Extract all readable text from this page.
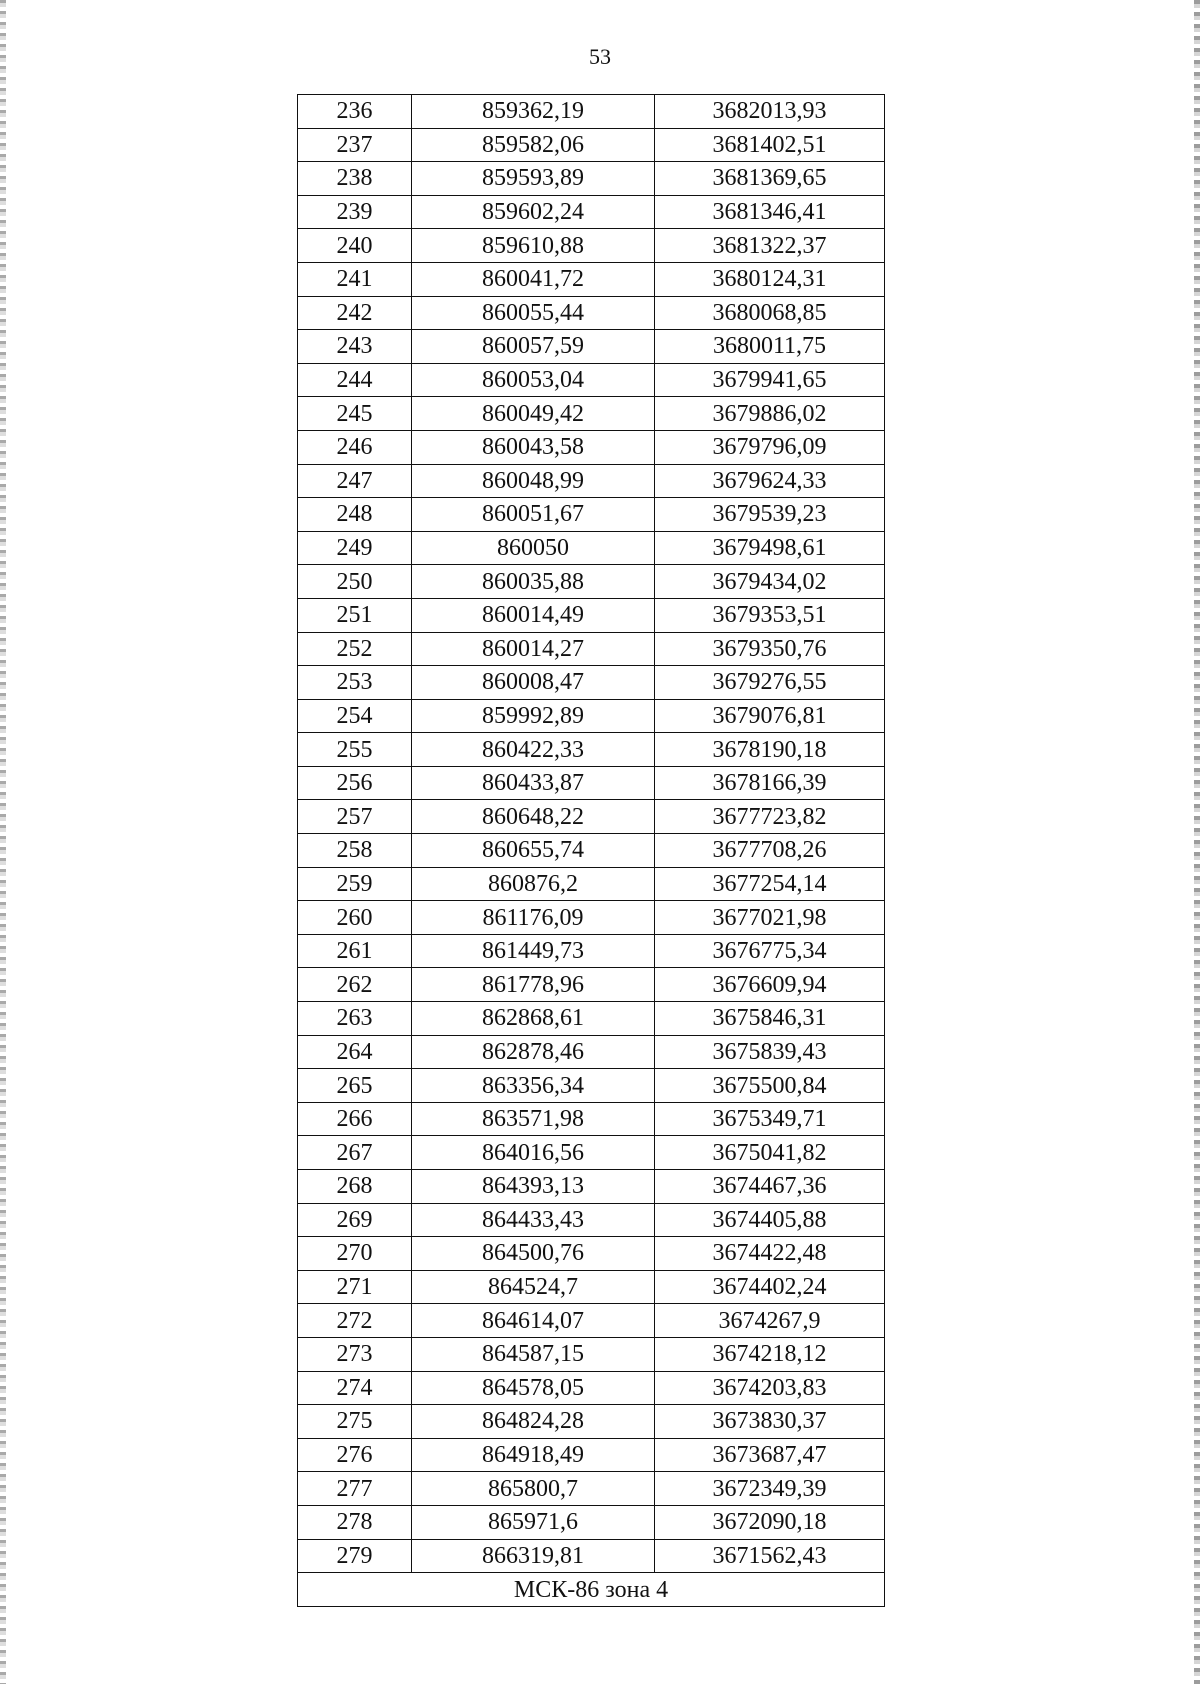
53
236	859362,19	3682013,93
237	859582,06	3681402,51
238	859593,89	3681369,65
239	859602,24	3681346,41
240	859610,88	3681322,37
241	860041,72	3680124,31
242	860055,44	3680068,85
243	860057,59	3680011,75
244	860053,04	3679941,65
245	860049,42	3679886,02
246	860043,58	3679796,09
247	860048,99	3679624,33
248	860051,67	3679539,23
249	860050	3679498,61
250	860035,88	3679434,02
251	860014,49	3679353,51
252	860014,27	3679350,76
253	860008,47	3679276,55
254	859992,89	3679076,81
255	860422,33	3678190,18
256	860433,87	3678166,39
257	860648,22	3677723,82
258	860655,74	3677708,26
259	860876,2	3677254,14
260	861176,09	3677021,98
261	861449,73	3676775,34
262	861778,96	3676609,94
263	862868,61	3675846,31
264	862878,46	3675839,43
265	863356,34	3675500,84
266	863571,98	3675349,71
267	864016,56	3675041,82
268	864393,13	3674467,36
269	864433,43	3674405,88
270	864500,76	3674422,48
271	864524,7	3674402,24
272	864614,07	3674267,9
273	864587,15	3674218,12
274	864578,05	3674203,83
275	864824,28	3673830,37
276	864918,49	3673687,47
277	865800,7	3672349,39
278	865971,6	3672090,18
279	866319,81	3671562,43
МСК-86 зона 4		
